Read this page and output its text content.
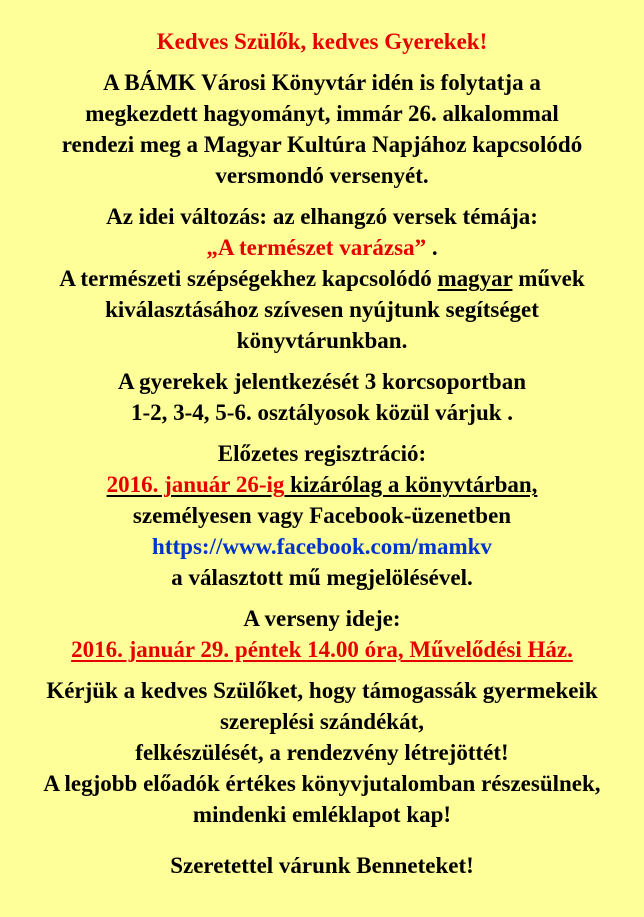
Kedves Szülők, kedves Gyerekek!

A BÁMK Városi Könyvtár idén is folytatja a

megkezdett hagyományt, immár 26. alkalommal

rendezi meg a Magyar Kultúra Napjához kapcsolódó

versmondó versenyét.

Az idei változás: az elhangzó versek témája:

„A természet varázsa” .

A természeti szépségekhez kapcsolódó magyar művek

kiválasztásához szívesen nyújtunk segítséget

könyvtárunkban.

A gyerekek jelentkezését 3 korcsoportban

1-2, 3-4, 5-6. osztályosok közül várjuk .

Előzetes regisztráció:

2016. január 26-ig kizárólag a könyvtárban,

személyesen vagy Facebook-üzenetben

https://www.facebook.com/mamkv

a választott mű megjelölésével.

A verseny ideje:

2016. január 29. péntek 14.00 óra, Művelődési Ház.

Kérjük a kedves Szülőket, hogy támogassák gyermekeik

szereplési szándékát,

felkészülését, a rendezvény létrejöttét!

A legjobb előadók értékes könyvjutalomban részesülnek,

mindenki emléklapot kap!

Szeretettel várunk Benneteket!
